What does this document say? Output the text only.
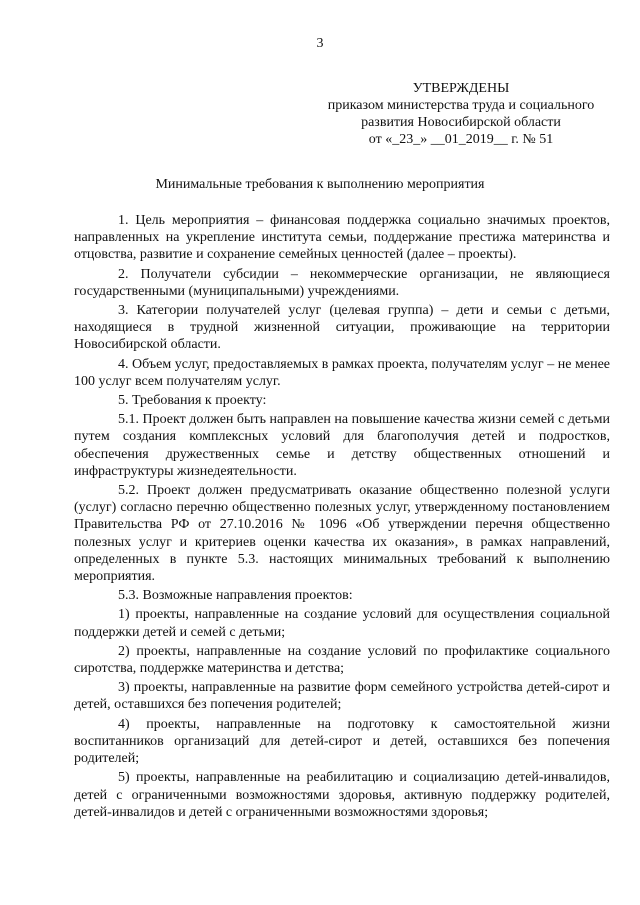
3
УТВЕРЖДЕНЫ
приказом министерства труда и социального
развития Новосибирской области
от «_23_» __01_2019__ г. № 51
Минимальные требования к выполнению мероприятия

1. Цель мероприятия – финансовая поддержка социально значимых проектов, направленных на укрепление института семьи, поддержание престижа материнства и отцовства, развитие и сохранение семейных ценностей (далее – проекты).

2. Получатели субсидии – некоммерческие организации, не являющиеся государственными (муниципальными) учреждениями.

3. Категории получателей услуг (целевая группа) – дети и семьи с детьми, находящиеся в трудной жизненной ситуации, проживающие на территории Новосибирской области.

4. Объем услуг, предоставляемых в рамках проекта, получателям услуг – не менее 100 услуг всем получателям услуг.

5. Требования к проекту:

5.1. Проект должен быть направлен на повышение качества жизни семей с детьми путем создания комплексных условий для благополучия детей и подростков, обеспечения дружественных семье и детству общественных отношений и инфраструктуры жизнедеятельности.

5.2. Проект должен предусматривать оказание общественно полезной услуги (услуг) согласно перечню общественно полезных услуг, утвержденному постановлением Правительства РФ от 27.10.2016 № 1096 «Об утверждении перечня общественно полезных услуг и критериев оценки качества их оказания», в рамках направлений, определенных в пункте 5.3. настоящих минимальных требований к выполнению мероприятия.

5.3. Возможные направления проектов:

1) проекты, направленные на создание условий для осуществления социальной поддержки детей и семей с детьми;

2) проекты, направленные на создание условий по профилактике социального сиротства, поддержке материнства и детства;

3) проекты, направленные на развитие форм семейного устройства детей-сирот и детей, оставшихся без попечения родителей;

4) проекты, направленные на подготовку к самостоятельной жизни воспитанников организаций для детей-сирот и детей, оставшихся без попечения родителей;

5) проекты, направленные на реабилитацию и социализацию детей-инвалидов, детей с ограниченными возможностями здоровья, активную поддержку родителей, детей-инвалидов и детей с ограниченными возможностями здоровья;
